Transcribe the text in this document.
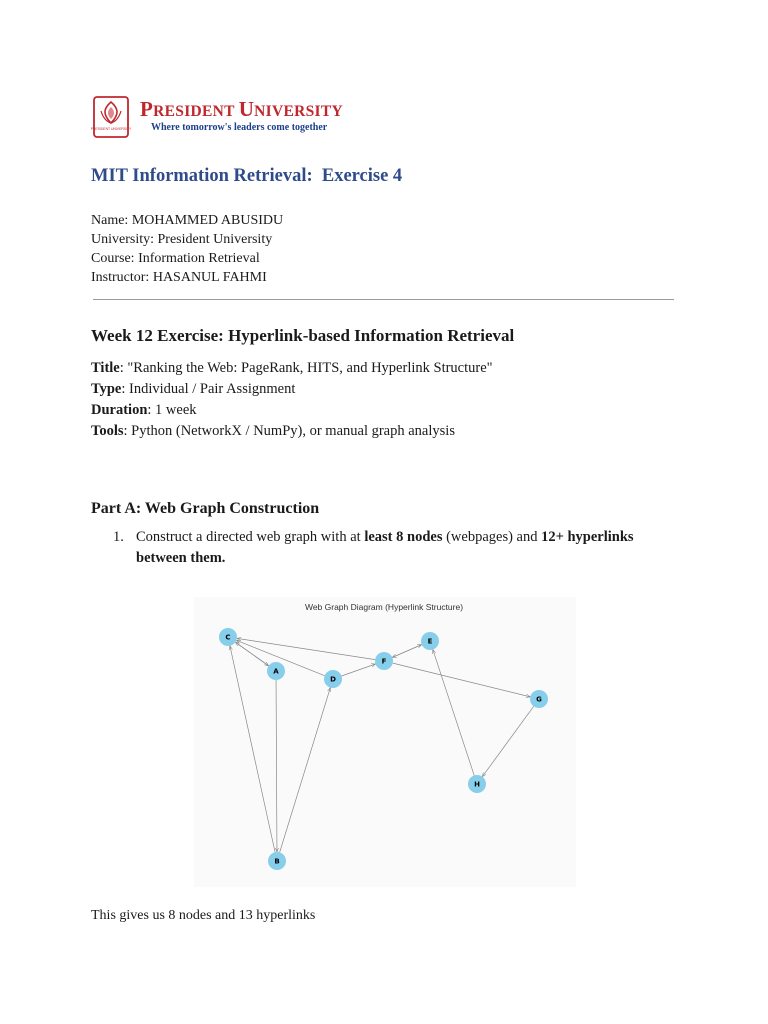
PRESIDENT UNIVERSITY
PRESIDENT UNIVERSITY
Where tomorrow's leaders come together
MIT Information Retrieval:  Exercise 4
Name: MOHAMMED ABUSIDU
University: President University
Course: Information Retrieval
Instructor: HASANUL FAHMI
Week 12 Exercise: Hyperlink-based Information Retrieval
Title: "Ranking the Web: PageRank, HITS, and Hyperlink Structure"
Type: Individual / Pair Assignment
Duration: 1 week
Tools: Python (NetworkX / NumPy), or manual graph analysis
Part A: Web Graph Construction
1. Construct a directed web graph with at least 8 nodes (webpages) and 12+ hyperlinks
between them.
Web Graph Diagram (Hyperlink Structure)
C
A
D
F
E
G
H
B
This gives us 8 nodes and 13 hyperlinks
